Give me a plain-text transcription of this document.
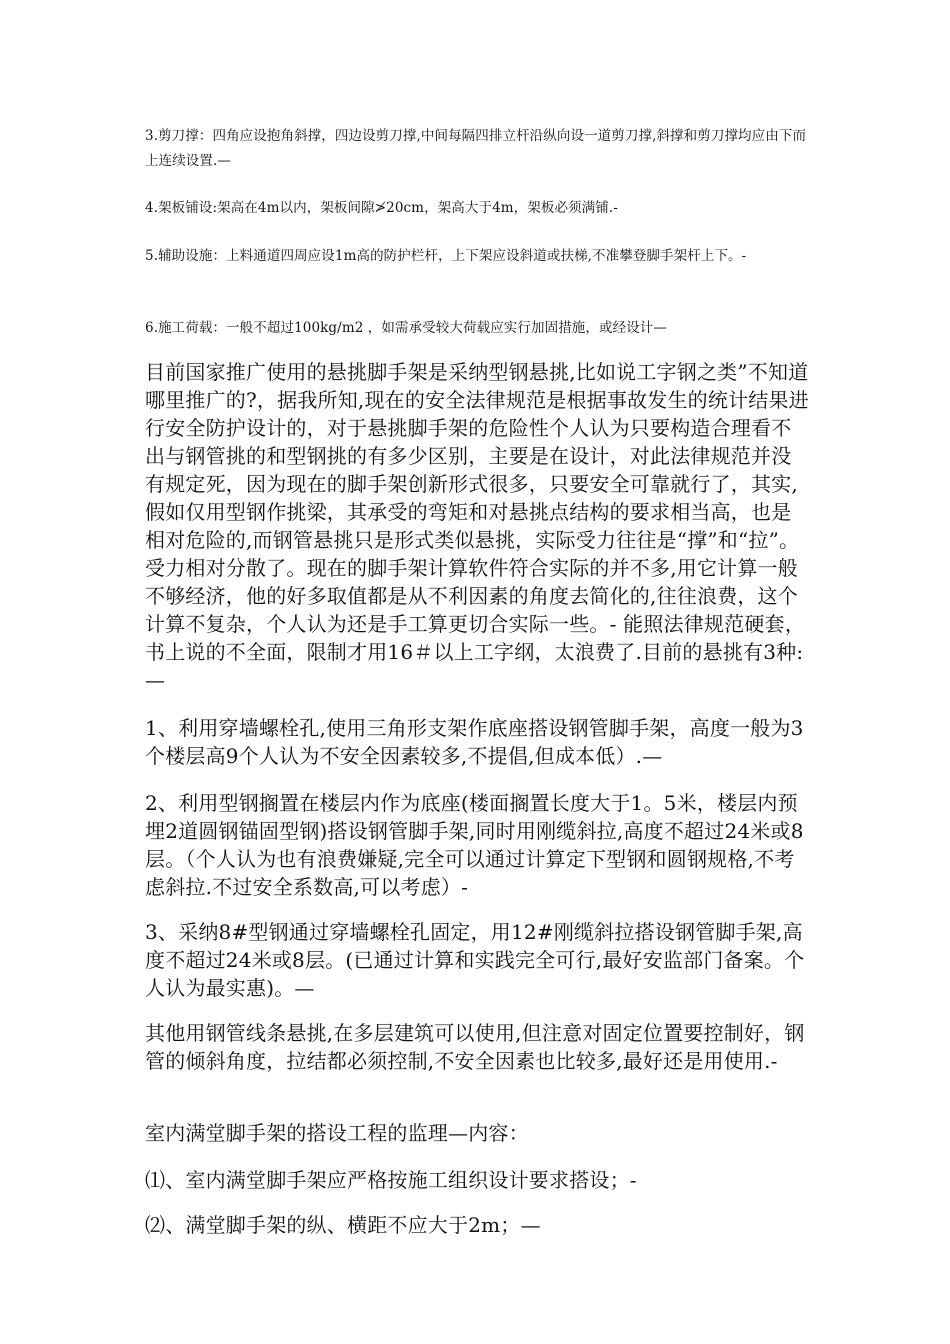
3.剪刀撑：四角应设抱角斜撑，四边设剪刀撑,中间每隔四排立杆沿纵向设一道剪刀撑,斜撑和剪刀撑均应由下而上连续设置.—

4.架板铺设:架高在4m以内，架板间隙≯20cm，架高大于4m，架板必须满铺.-

5.辅助设施：上料通道四周应设1m高的防护栏杆，上下架应设斜道或扶梯,不准攀登脚手架杆上下。-

6.施工荷载：一般不超过100kg/m2 ，如需承受较大荷载应实行加固措施，或经设计—

目前国家推广使用的悬挑脚手架是采纳型钢悬挑,比如说工字钢之类”不知道哪里推广的?，据我所知,现在的安全法律规范是根据事故发生的统计结果进行安全防护设计的，对于悬挑脚手架的危险性个人认为只要构造合理看不出与钢管挑的和型钢挑的有多少区别，主要是在设计，对此法律规范并没有规定死，因为现在的脚手架创新形式很多，只要安全可靠就行了，其实,假如仅用型钢作挑梁，其承受的弯矩和对悬挑点结构的要求相当高，也是相对危险的,而钢管悬挑只是形式类似悬挑，实际受力往往是“撑”和“拉”。受力相对分散了。现在的脚手架计算软件符合实际的并不多,用它计算一般不够经济，他的好多取值都是从不利因素的角度去简化的,往往浪费，这个计算不复杂，个人认为还是手工算更切合实际一些。- 能照法律规范硬套，书上说的不全面，限制才用16＃以上工字纲，太浪费了.目前的悬挑有3种:—

1、利用穿墙螺栓孔,使用三角形支架作底座搭设钢管脚手架，高度一般为3个楼层高9个人认为不安全因素较多,不提倡,但成本低）.—

2、利用型钢搁置在楼层内作为底座(楼面搁置长度大于1。5米，楼层内预埋2道圆钢锚固型钢)搭设钢管脚手架,同时用刚缆斜拉,高度不超过24米或8层。（个人认为也有浪费嫌疑,完全可以通过计算定下型钢和圆钢规格,不考虑斜拉.不过安全系数高,可以考虑）-

3、采纳8#型钢通过穿墙螺栓孔固定，用12#刚缆斜拉搭设钢管脚手架,高度不超过24米或8层。(已通过计算和实践完全可行,最好安监部门备案。个人认为最实惠)。—

其他用钢管线条悬挑,在多层建筑可以使用,但注意对固定位置要控制好，钢管的倾斜角度，拉结都必须控制,不安全因素也比较多,最好还是用使用.-

室内满堂脚手架的搭设工程的监理—内容：

⑴、室内满堂脚手架应严格按施工组织设计要求搭设；-

⑵、满堂脚手架的纵、横距不应大于2m；—
